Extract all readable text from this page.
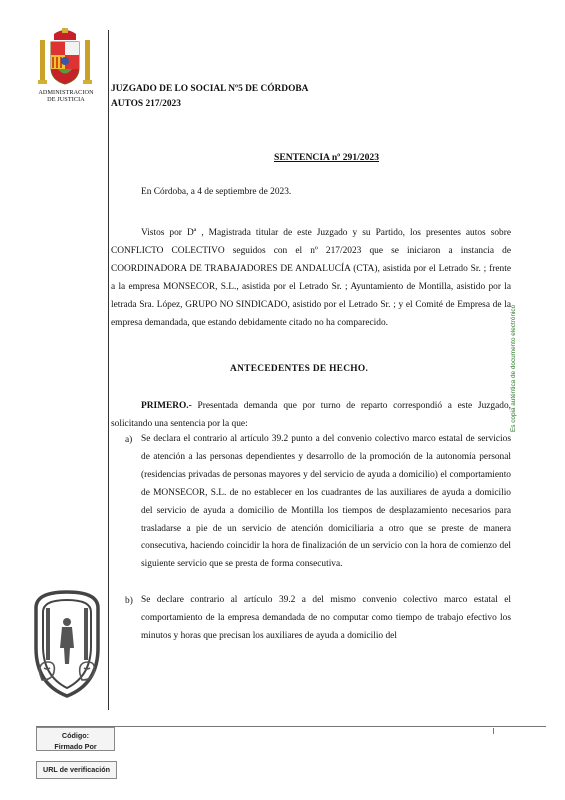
ADMINISTRACION
DE JUSTICIA
JUZGADO DE LO SOCIAL Nº5 DE CÓRDOBA
AUTOS 217/2023
SENTENCIA nº 291/2023

En Córdoba, a 4 de septiembre de 2023.

Vistos por Dª , Magistrada titular de este Juzgado y su Partido, los presentes autos sobre CONFLICTO COLECTIVO seguidos con el nº 217/2023 que se iniciaron a instancia de COORDINADORA DE TRABAJADORES DE ANDALUCÍA (CTA), asistida por el Letrado Sr. ; frente a la empresa MONSECOR, S.L., asistida por el Letrado Sr. ; Ayuntamiento de Montilla, asistido por la letrada Sra. López, GRUPO NO SINDICADO, asistido por el Letrado Sr. ; y el Comité de Empresa de la empresa demandada, que estando debidamente citado no ha comparecido.

ANTECEDENTES DE HECHO.

PRIMERO.- Presentada demanda que por turno de reparto correspondió a este Juzgado, solicitando una sentencia por la que:

a) Se declara el contrario al artículo 39.2 punto a del convenio colectivo marco estatal de servicios de atención a las personas dependientes y desarrollo de la promoción de la autonomía personal (residencias privadas de personas mayores y del servicio de ayuda a domicilio) el comportamiento de MONSECOR, S.L. de no establecer en los cuadrantes de las auxiliares de ayuda a domicilio del servicio de ayuda a domicilio de Montilla los tiempos de desplazamiento necesarios para trasladarse a pie de un servicio de atención domiciliaria a otro que se preste de manera consecutiva, haciendo coincidir la hora de finalización de un servicio con la hora de comienzo del siguiente servicio que se presta de forma consecutiva.

b) Se declare contrario al artículo 39.2 a del mismo convenio colectivo marco estatal el comportamiento de la empresa demandada de no computar como tiempo de trabajo efectivo los minutos y horas que precisan los auxiliares de ayuda a domicilio del

Es copia auténtica de documento electrónico
Código:
Firmado Por
URL de verificación
